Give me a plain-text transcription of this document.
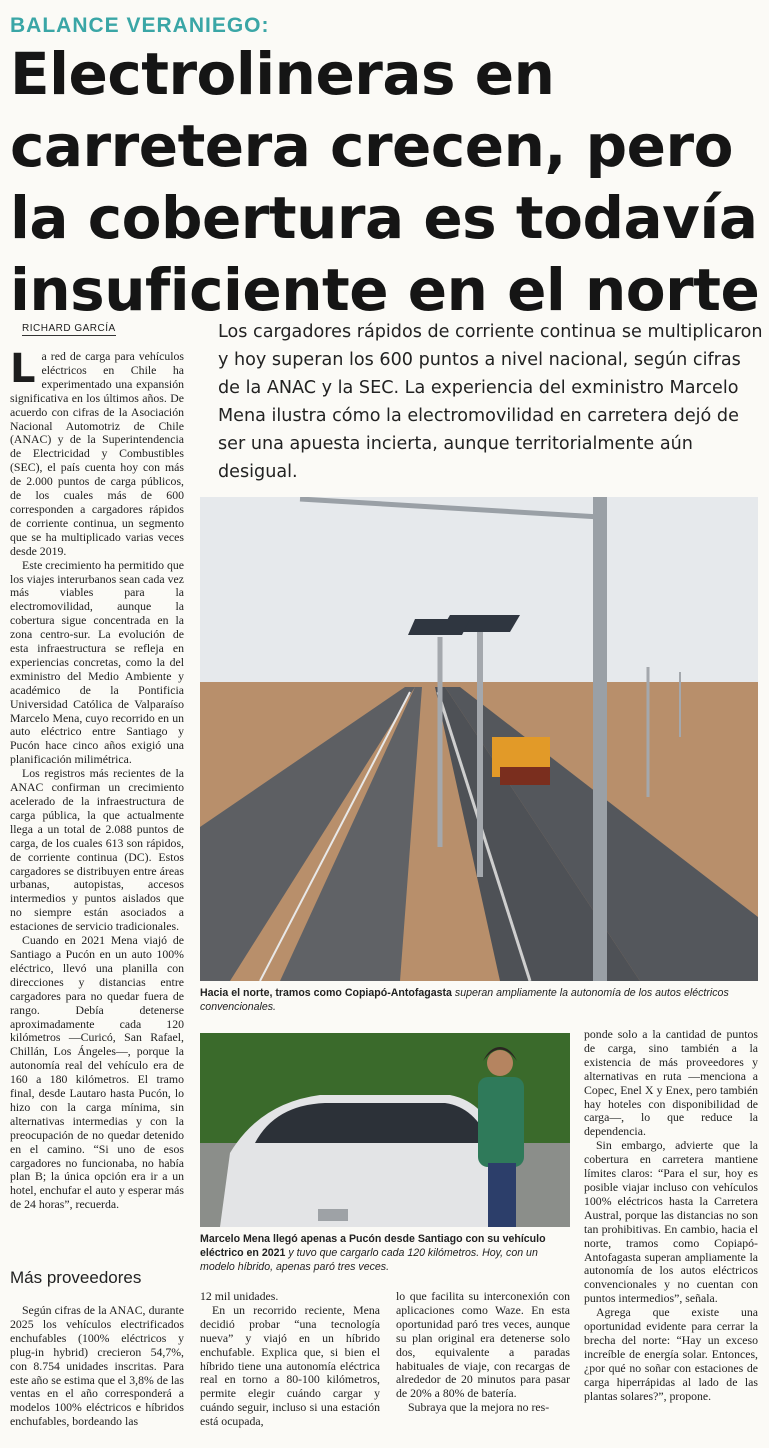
BALANCE VERANIEGO:
Electrolineras en carretera crecen, pero la cobertura es todavía insuficiente en el norte
RICHARD GARCÍA	Los cargadores rápidos de corriente continua se multiplicaron y hoy superan los 600 puntos a nivel nacional, según cifras de la ANAC y la SEC. La experiencia del exministro Marcelo Mena ilustra cómo la electromovilidad en carretera dejó de ser una apuesta incierta, aunque territorialmente aún desigual.

La red de carga para vehículos eléctricos en Chile ha experimentado una expansión significativa en los últimos años. De acuerdo con cifras de la Asociación Nacional Automotriz de Chile (ANAC) y de la Superintendencia de Electricidad y Combustibles (SEC), el país cuenta hoy con más de 2.000 puntos de carga públicos, de los cuales más de 600 corresponden a cargadores rápidos de corriente continua, un segmento que se ha multiplicado varias veces desde 2019.

Este crecimiento ha permitido que los viajes interurbanos sean cada vez más viables para la electromovilidad, aunque la cobertura sigue concentrada en la zona centro-sur. La evolución de esta infraestructura se refleja en experiencias concretas, como la del exministro del Medio Ambiente y académico de la Pontificia Universidad Católica de Valparaíso Marcelo Mena, cuyo recorrido en un auto eléctrico entre Santiago y Pucón hace cinco años exigió una planificación milimétrica.

Los registros más recientes de la ANAC confirman un crecimiento acelerado de la infraestructura de carga pública, la que actualmente llega a un total de 2.088 puntos de carga, de los cuales 613 son rápidos, de corriente continua (DC). Estos cargadores se distribuyen entre áreas urbanas, autopistas, accesos intermedios y puntos aislados que no siempre están asociados a estaciones de servicio tradicionales.

Cuando en 2021 Mena viajó de Santiago a Pucón en un auto 100% eléctrico, llevó una planilla con direcciones y distancias entre cargadores para no quedar fuera de rango. Debía detenerse aproximadamente cada 120 kilómetros —Curicó, San Rafael, Chillán, Los Ángeles—, porque la autonomía real del vehículo era de 160 a 180 kilómetros. El tramo final, desde Lautaro hasta Pucón, lo hizo con la carga mínima, sin alternativas intermedias y con la preocupación de no quedar detenido en el camino. “Si uno de esos cargadores no funcionaba, no había plan B; la única opción era ir a un hotel, enchufar el auto y esperar más de 24 horas”, recuerda.

Más proveedores

Según cifras de la ANAC, durante 2025 los vehículos electrificados enchufables (100% eléctricos y plug-in hybrid) crecieron 54,7%, con 8.754 unidades inscritas. Para este año se estima que el 3,8% de las ventas en el año corresponderá a modelos 100% eléctricos e híbridos enchufables, bordeando las

Hacia el norte, tramos como Copiapó-Antofagasta superan ampliamente la autonomía de los autos eléctricos convencionales.
Marcelo Mena llegó apenas a Pucón desde Santiago con su vehículo eléctrico en 2021 y tuvo que cargarlo cada 120 kilómetros. Hoy, con un modelo híbrido, apenas paró tres veces.

12 mil unidades.

En un recorrido reciente, Mena decidió probar “una tecnología nueva” y viajó en un híbrido enchufable. Explica que, si bien el híbrido tiene una autonomía eléctrica real en torno a 80-100 kilómetros, permite elegir cuándo cargar y cuándo seguir, incluso si una estación está ocupada,

lo que facilita su interconexión con aplicaciones como Waze. En esta oportunidad paró tres veces, aunque su plan original era detenerse solo dos, equivalente a paradas habituales de viaje, con recargas de alrededor de 20 minutos para pasar de 20% a 80% de batería.

Subraya que la mejora no res-

ponde solo a la cantidad de puntos de carga, sino también a la existencia de más proveedores y alternativas en ruta —menciona a Copec, Enel X y Enex, pero también hay hoteles con disponibilidad de carga—, lo que reduce la dependencia.

Sin embargo, advierte que la cobertura en carretera mantiene límites claros: “Para el sur, hoy es posible viajar incluso con vehículos 100% eléctricos hasta la Carretera Austral, porque las distancias no son tan prohibitivas. En cambio, hacia el norte, tramos como Copiapó-Antofagasta superan ampliamente la autonomía de los autos eléctricos convencionales y no cuentan con puntos intermedios”, señala.

Agrega que existe una oportunidad evidente para cerrar la brecha del norte: “Hay un exceso increíble de energía solar. Entonces, ¿por qué no soñar con estaciones de carga hiperrápidas al lado de las plantas solares?”, propone.
